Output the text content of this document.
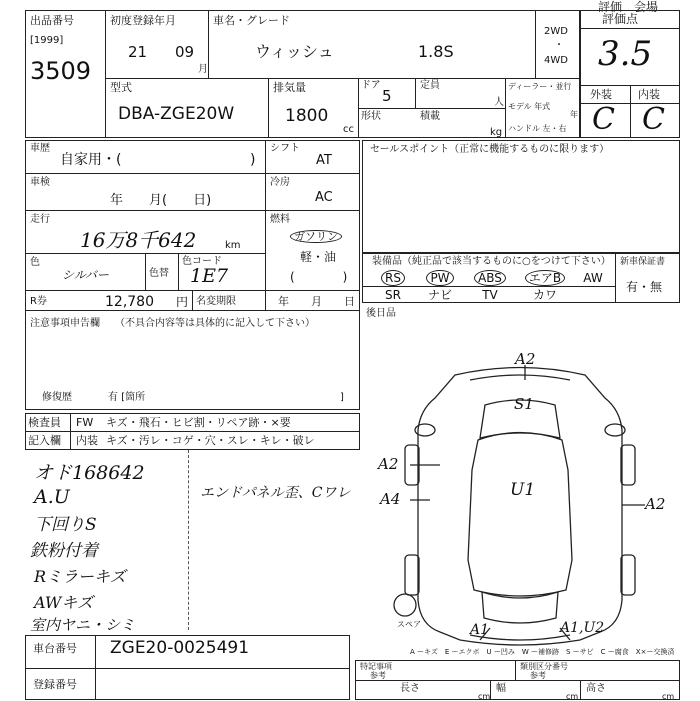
評価　会場
出品番号
[1999]
3509
初度登録年月
21 09
月
車名・グレード
ウィッシュ	1.8S
2WD
・
4WD
型式
DBA-ZGE20W
排気量
1800
cc
ドア
5
定員
人
形状	積載
kg
ディーラー・並行
モデル 年式
年
ハンドル 左・右
評価点
3.5
外装 内装
C C
車歴
自家用・(	)
シフト
AT
車検
年　　月(　　日)
冷房
AC
走行
16万8千642	km
燃料
ガソリン
軽・油
(　　　　)
色
シルバー	色替
色コード
1E7
R券	12,780 円 名変期限	年　　月　　日
注意事項申告欄 （不具合内容等は具体的に記入して下さい）
修復歴	有 [箇所	]
セールスポイント（正常に機能するものに限ります）
装備品（純正品で該当するものに○をつけて下さい） 新車保証書
有・無
RS	PW	ABS	エアB	AW
SR	ナビ	TV	カワ
後日品
検査員 FW キズ・飛石・ヒビ割・リペア跡・×要
記入欄 内装 キズ・汚レ・コゲ・穴・スレ・キレ・破レ
オド168642
A.U
下回りS
鉄粉付着
Rミラーキズ
AWキズ
室内ヤニ・シミ
エンドパネル歪、Cワレ
A2
S1
A2
U1
A4	A2
A1	A1,U2
スペア
A ーキズ　E ーエクボ　U ー凹み　W ー補修跡　S ーサビ　C ー腐食　X×ー交換済
車台番号 ZGE20-0025491
登録番号
特記事項
参考
類別区分番号
参考
長さ
cm
幅
cm
高さ
cm
